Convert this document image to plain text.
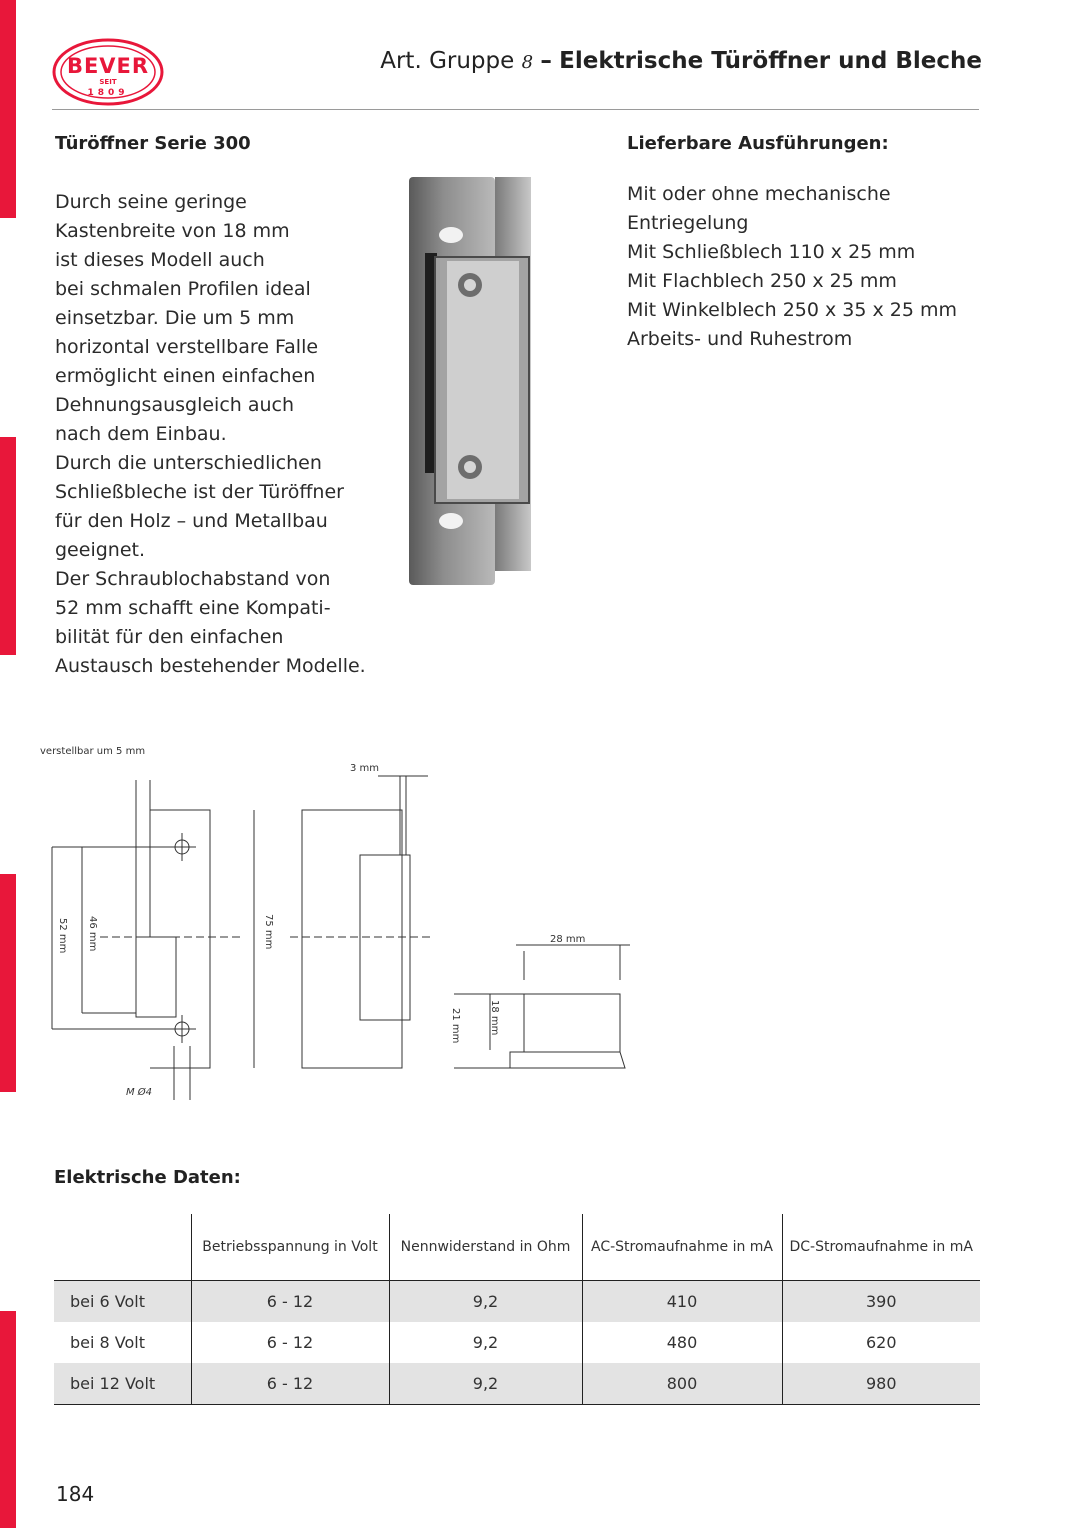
BEVER
SEIT
1809
Art. Gruppe 8 – Elektrische Türöffner und Bleche
Türöffner Serie 300
Durch seine geringe
Kastenbreite von 18 mm
ist dieses Modell auch
bei schmalen Profilen ideal
einsetzbar. Die um 5 mm
horizontal verstellbare Falle
ermöglicht einen einfachen
Dehnungsausgleich auch
nach dem Einbau.
Durch die unterschiedlichen
Schließbleche ist der Türöffner
für den Holz – und Metallbau
geeignet.
Der Schraublochabstand von
52 mm schafft eine Kompati-
bilität für den einfachen
Austausch bestehender Modelle.
Lieferbare Ausführungen:
Mit oder ohne mechanische
Entriegelung
Mit Schließblech 110 x 25 mm
Mit Flachblech 250 x 25 mm
Mit Winkelblech 250 x 35 x 25 mm
Arbeits- und Ruhestrom
verstellbar um 5 mm
3 mm
52 mm 46 mm	75 mm	28 mm
21 mm	18 mm
M Ø4
Elektrische Daten:
	Betriebsspannung in Volt	Nennwiderstand in Ohm	AC-Stromaufnahme in mA	DC-Stromaufnahme in mA
bei 6 Volt	6 - 12	9,2	410	390
bei 8 Volt	6 - 12	9,2	480	620
bei 12 Volt	6 - 12	9,2	800	980
184
